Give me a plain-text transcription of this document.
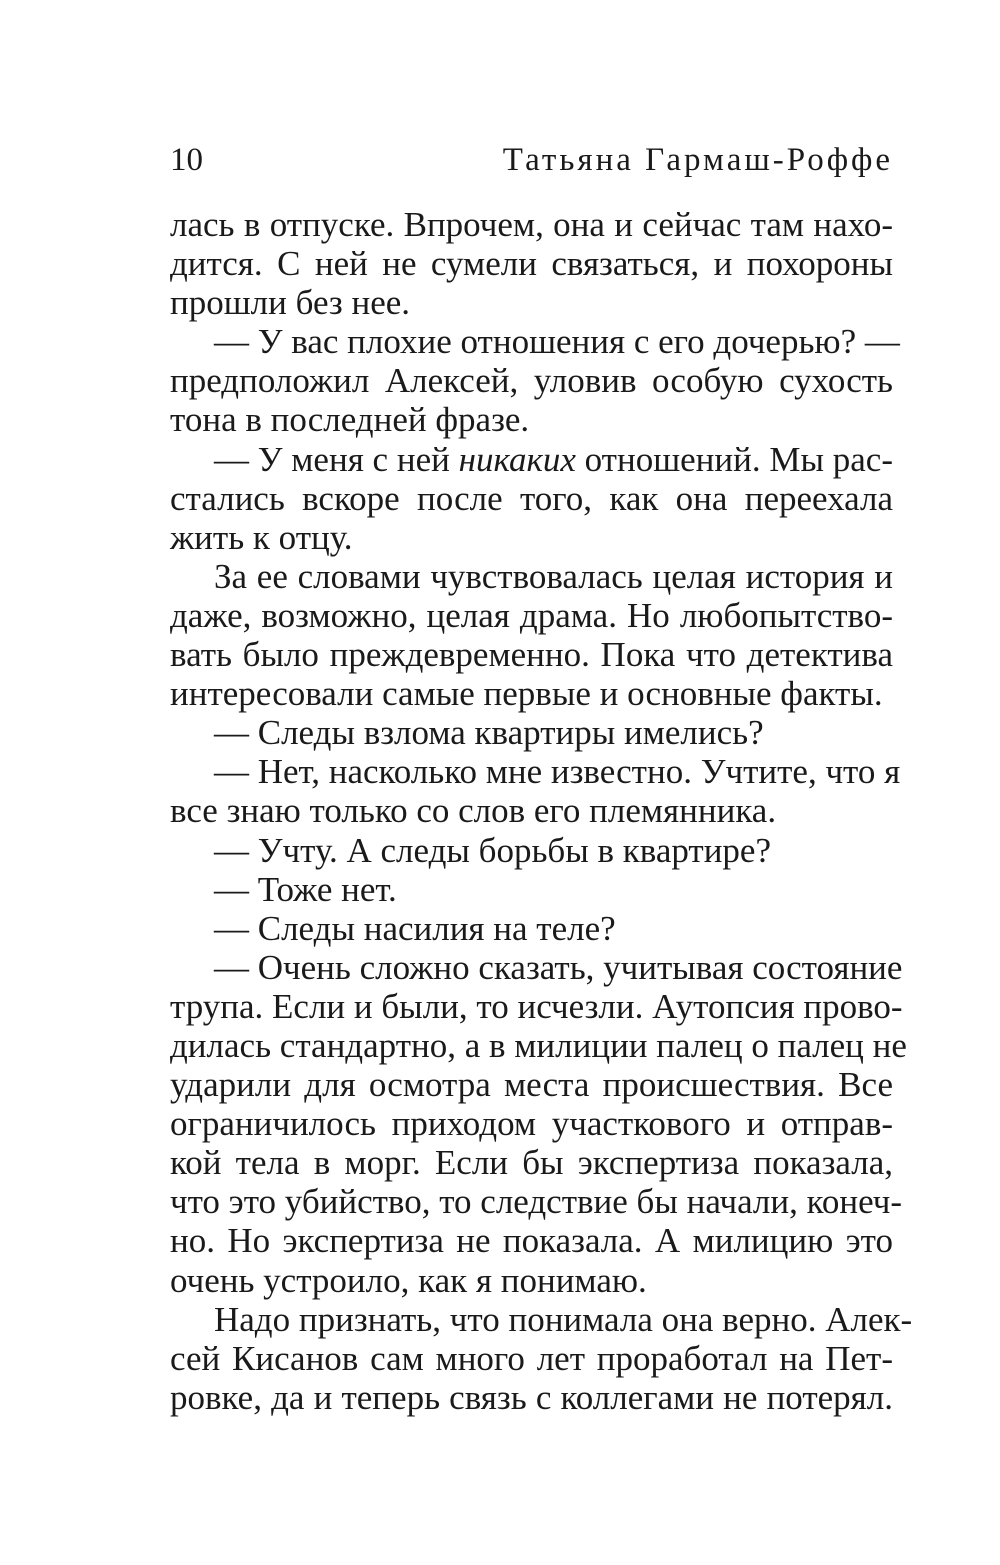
10	Татьяна Гармаш-Роффе

лась в отпуске. Впрочем, она и сейчас там нахо-
дится. С ней не сумели связаться, и похороны
прошли без нее.

— У вас плохие отношения с его дочерью? —
предположил Алексей, уловив особую сухость
тона в последней фразе.

— У меня с ней никаких отношений. Мы рас-
стались вскоре после того, как она переехала
жить к отцу.

За ее словами чувствовалась целая история и
даже, возможно, целая драма. Но любопытство-
вать было преждевременно. Пока что детектива
интересовали самые первые и основные факты.

— Следы взлома квартиры имелись?

— Нет, насколько мне известно. Учтите, что я
все знаю только со слов его племянника.

— Учту. А следы борьбы в квартире?

— Тоже нет.

— Следы насилия на теле?

— Очень сложно сказать, учитывая состояние
трупа. Если и были, то исчезли. Аутопсия прово-
дилась стандартно, а в милиции палец о палец не
ударили для осмотра места происшествия. Все
ограничилось приходом участкового и отправ-
кой тела в морг. Если бы экспертиза показала,
что это убийство, то следствие бы начали, конеч-
но. Но экспертиза не показала. А милицию это
очень устроило, как я понимаю.

Надо признать, что понимала она верно. Алек-
сей Кисанов сам много лет проработал на Пет-
ровке, да и теперь связь с коллегами не потерял.
